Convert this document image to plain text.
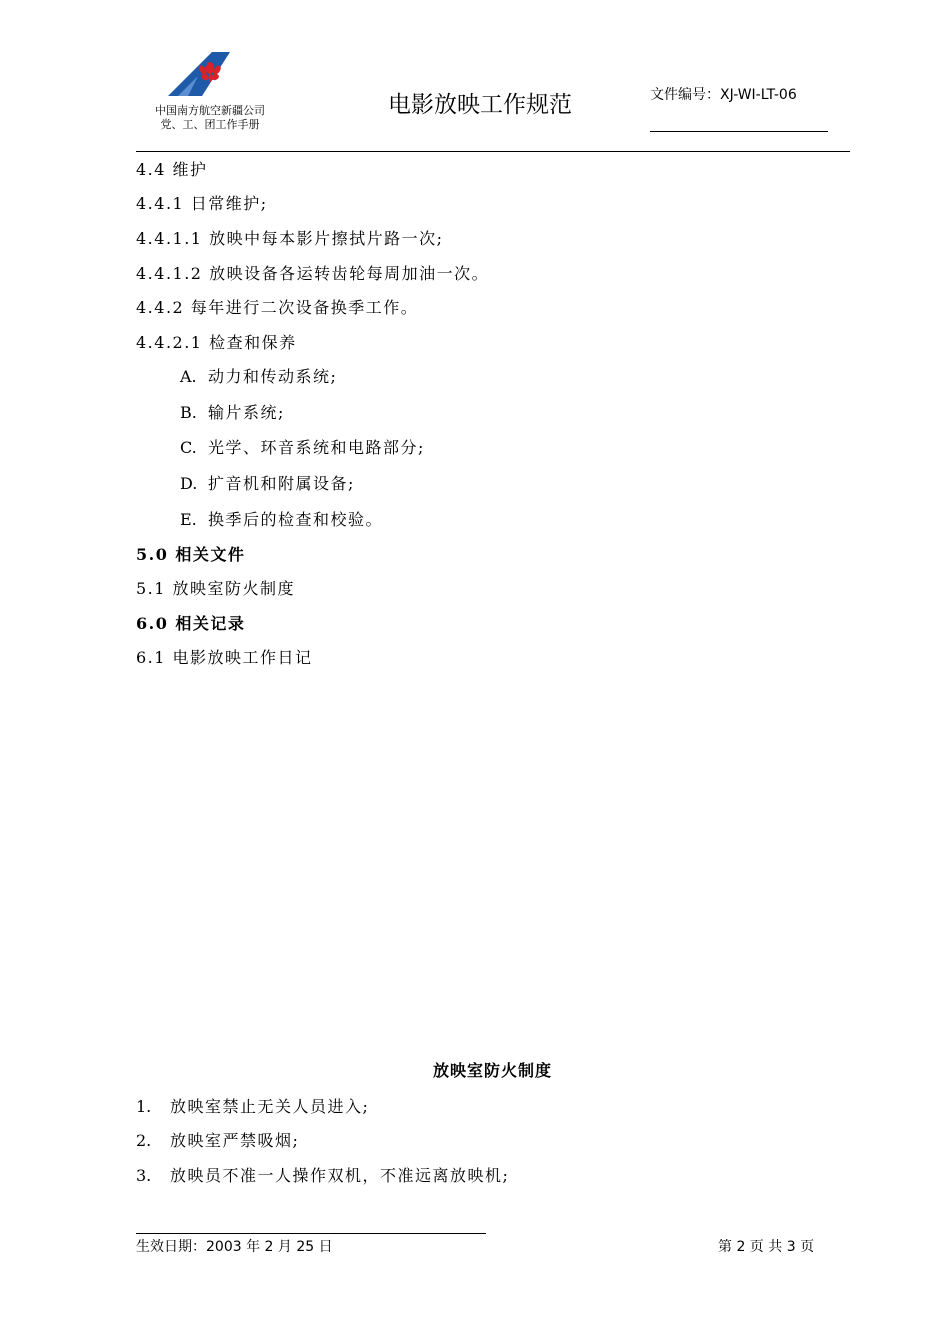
中国南方航空新疆公司
党、工、团工作手册
电影放映工作规范	文件编号：XJ-WI-LT-06
4.4 维护
4.4.1 日常维护;
4.4.1.1 放映中每本影片擦拭片路一次;
4.4.1.2 放映设备各运转齿轮每周加油一次。
4.4.2 每年进行二次设备换季工作。
4.4.2.1 检查和保养
A. 动力和传动系统;
B. 输片系统;
C. 光学、环音系统和电路部分;
D. 扩音机和附属设备;
E. 换季后的检查和校验。
5.0 相关文件
5.1 放映室防火制度
6.0 相关记录
6.1 电影放映工作日记
放映室防火制度
1. 放映室禁止无关人员进入;
2. 放映室严禁吸烟;
3. 放映员不准一人操作双机，不准远离放映机;
生效日期：2003 年 2 月 25 日	第 2 页 共 3 页
